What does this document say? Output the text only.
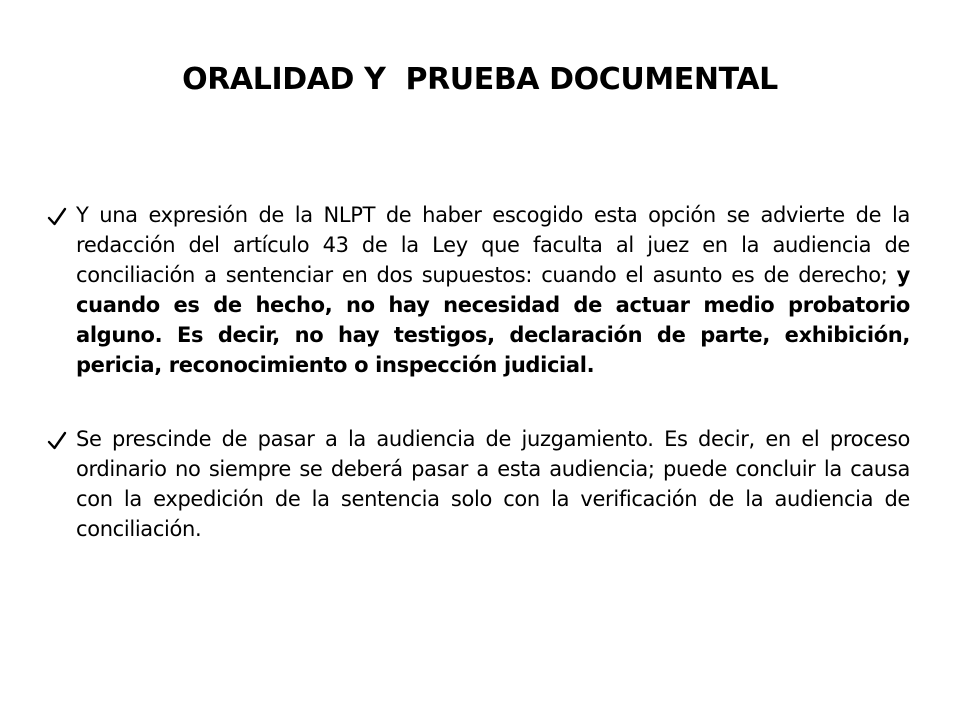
ORALIDAD Y  PRUEBA DOCUMENTAL

Y una expresión de la NLPT de haber escogido esta opción se advierte de la redacción del artículo 43 de la Ley que faculta al juez en la audiencia de conciliación a sentenciar en dos supuestos: cuando el asunto es de derecho; y cuando es de hecho, no hay necesidad de actuar medio probatorio alguno. Es decir, no hay testigos, declaración de parte, exhibición, pericia, reconocimiento o inspección judicial.

Se prescinde de pasar a la audiencia de juzgamiento. Es decir, en el proceso ordinario no siempre se deberá pasar a esta audiencia; puede concluir la causa con la expedición de la sentencia solo con la verificación de la audiencia de conciliación.
